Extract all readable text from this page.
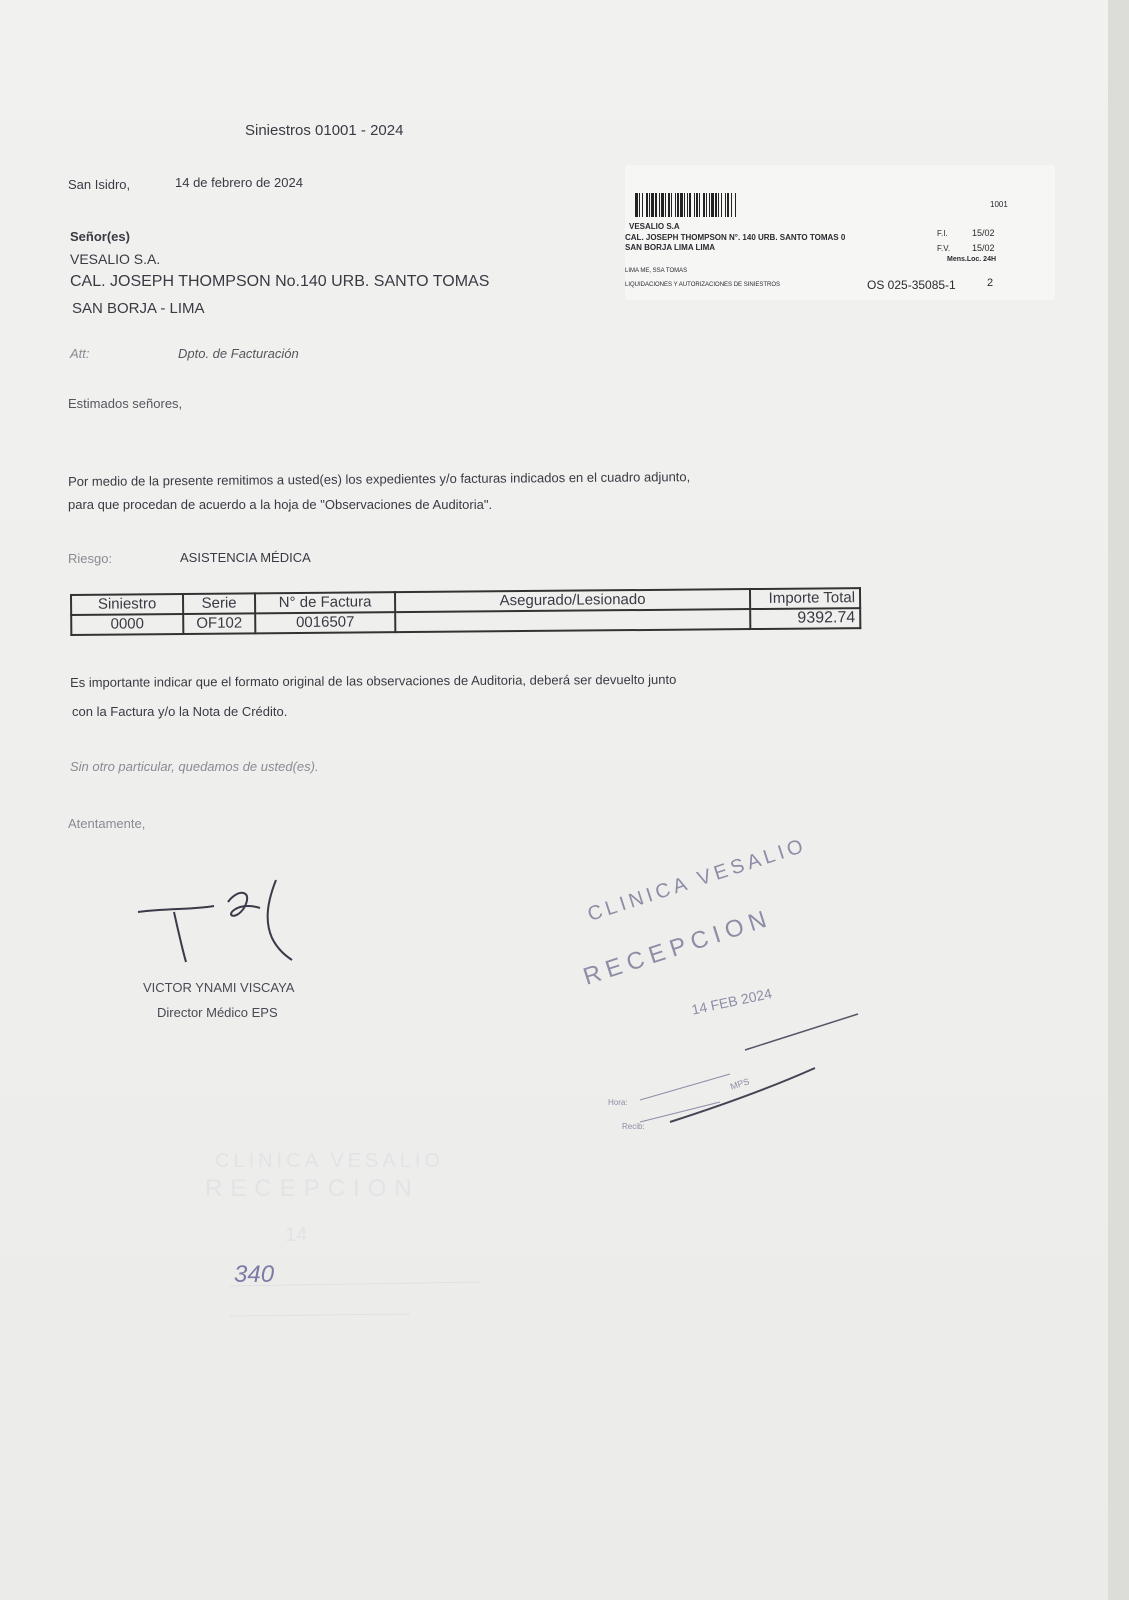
Siniestros 01001 - 2024
San Isidro,	14 de febrero de 2024
Señor(es)
VESALIO S.A.
CAL. JOSEPH THOMPSON No.140 URB. SANTO TOMAS
SAN BORJA - LIMA
Att:	Dpto. de Facturación
Estimados señores,
Por medio de la presente remitimos a usted(es) los expedientes y/o facturas indicados en el cuadro adjunto,
para que procedan de acuerdo a la hoja de "Observaciones de Auditoria".
Riesgo:	ASISTENCIA MÉDICA
Siniestro	Serie	N° de Factura	Asegurado/Lesionado	Importe Total
0000	OF102	0016507		9392.74
Es importante indicar que el formato original de las observaciones de Auditoria, deberá ser devuelto junto
con la Factura y/o la Nota de Crédito.
Sin otro particular, quedamos de usted(es).
Atentamente,
VICTOR YNAMI VISCAYA
Director Médico EPS
1001
VESALIO S.A
CAL. JOSEPH THOMPSON N°. 140 URB. SANTO TOMAS 0
SAN BORJA LIMA LIMA
LIMA ME, SSA TOMAS
LIQUIDACIONES Y AUTORIZACIONES DE SINIESTROS
F.I.	15/02
F.V. 15/02
Mens.Loc. 24H
OS 025-35085-1	2
CLINICA VESALIO
RECEPCION
14 FEB 2024
Hora:
Recib:
MPS
CLINICA VESALIO
RECEPCION
14
340
